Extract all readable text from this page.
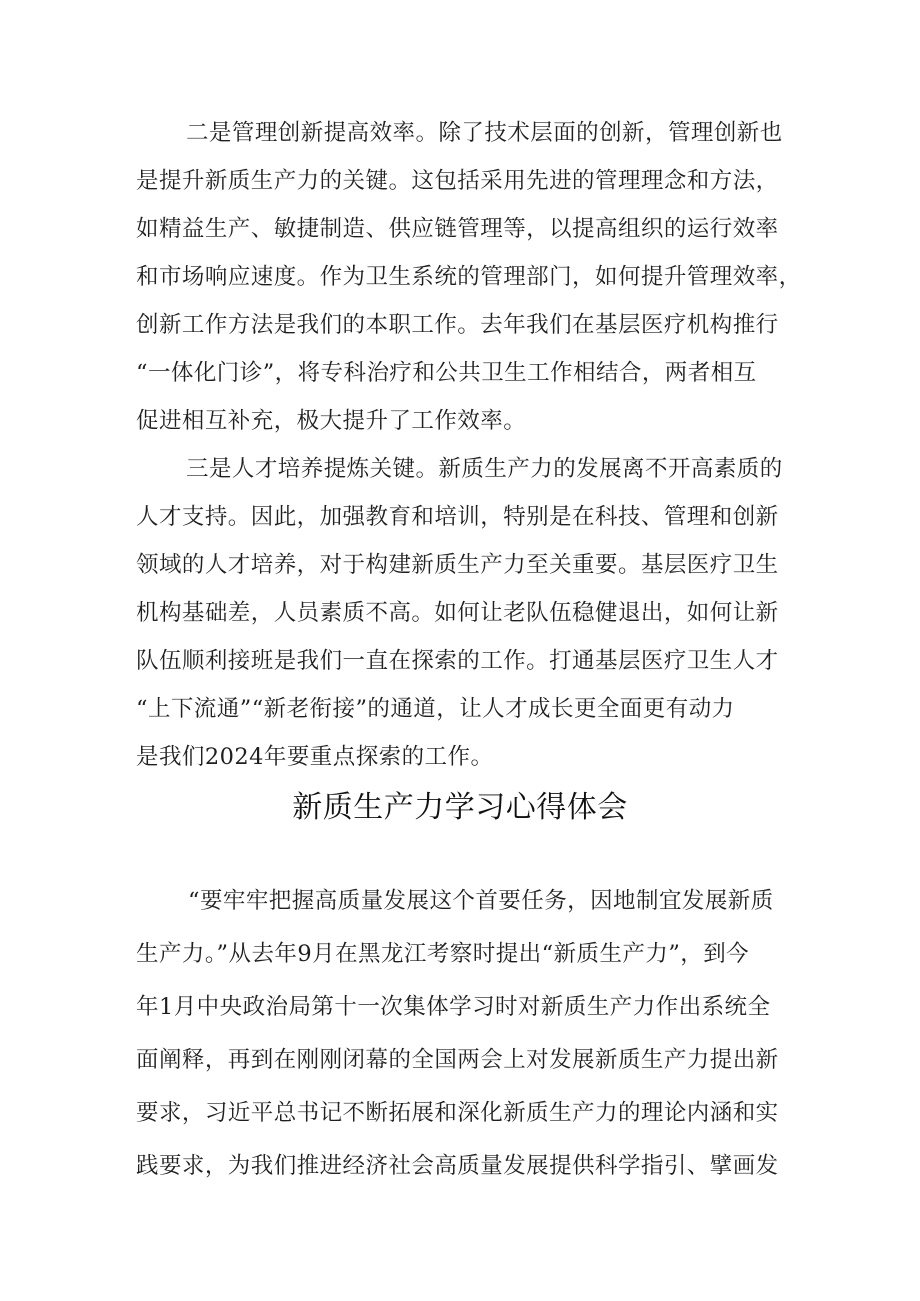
二是管理创新提高效率。除了技术层面的创新，管理创新也
是提升新质生产力的关键。这包括采用先进的管理理念和方法，
如精益生产、敏捷制造、供应链管理等，以提高组织的运行效率
和市场响应速度。作为卫生系统的管理部门，如何提升管理效率，
创新工作方法是我们的本职工作。去年我们在基层医疗机构推行
“一体化门诊”，将专科治疗和公共卫生工作相结合，两者相互
促进相互补充，极大提升了工作效率。
三是人才培养提炼关键。新质生产力的发展离不开高素质的
人才支持。因此，加强教育和培训，特别是在科技、管理和创新
领域的人才培养，对于构建新质生产力至关重要。基层医疗卫生
机构基础差，人员素质不高。如何让老队伍稳健退出，如何让新
队伍顺利接班是我们一直在探索的工作。打通基层医疗卫生人才
“上下流通”“新老衔接”的通道，让人才成长更全面更有动力
是我们2024年要重点探索的工作。
新质生产力学习心得体会
“要牢牢把握高质量发展这个首要任务，因地制宜发展新质
生产力。”从去年9月在黑龙江考察时提出“新质生产力”，到今
年1月中央政治局第十一次集体学习时对新质生产力作出系统全
面阐释，再到在刚刚闭幕的全国两会上对发展新质生产力提出新
要求，习近平总书记不断拓展和深化新质生产力的理论内涵和实
践要求，为我们推进经济社会高质量发展提供科学指引、擘画发
